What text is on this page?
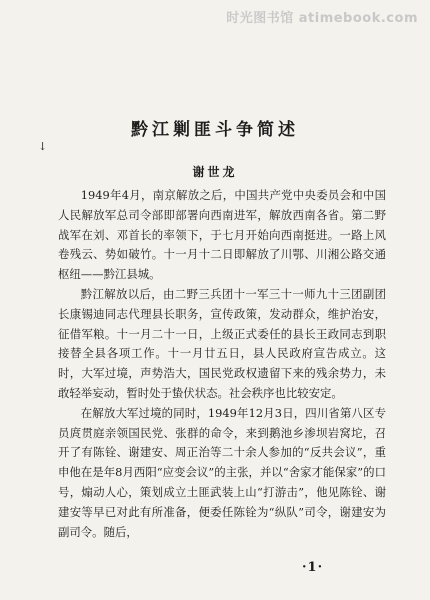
时光图书馆 atimebook.com
黔江剿匪斗争简述
↓
谢世龙

1949年4月，南京解放之后，中国共产党中央委员会和中国人民解放军总司令部即部署向西南进军，解放西南各省。第二野战军在刘、邓首长的率领下，于七月开始向西南挺进。一路上风卷残云、势如破竹。十一月十二日即解放了川鄂、川湘公路交通枢纽——黔江县城。

黔江解放以后，由二野三兵团十一军三十一师九十三团副团长康锡迪同志代理县长职务，宣传政策，发动群众，维护治安，征借军粮。十一月二十一日，上级正式委任的县长王政同志到职接替全县各项工作。十一月廿五日，县人民政府宣告成立。这时，大军过境，声势浩大，国民党政权遗留下来的残余势力，未敢轻举妄动，暂时处于蛰伏状态。社会秩序也比较安定。

在解放大军过境的同时，1949年12月3日，四川省第八区专员庹贯庭亲领国民党、张群的命令，来到鹅池乡渗坝岩窝坨，召开了有陈铨、谢建安、周正治等二十余人参加的“反共会议”，重申他在是年8月西阳“应变会议”的主张，并以“舍家才能保家”的口号，煽动人心，策划成立土匪武装上山“打游击”，他见陈铨、谢建安等早已对此有所准备，便委任陈铨为“纵队”司令，谢建安为副司令。随后，

·1·
